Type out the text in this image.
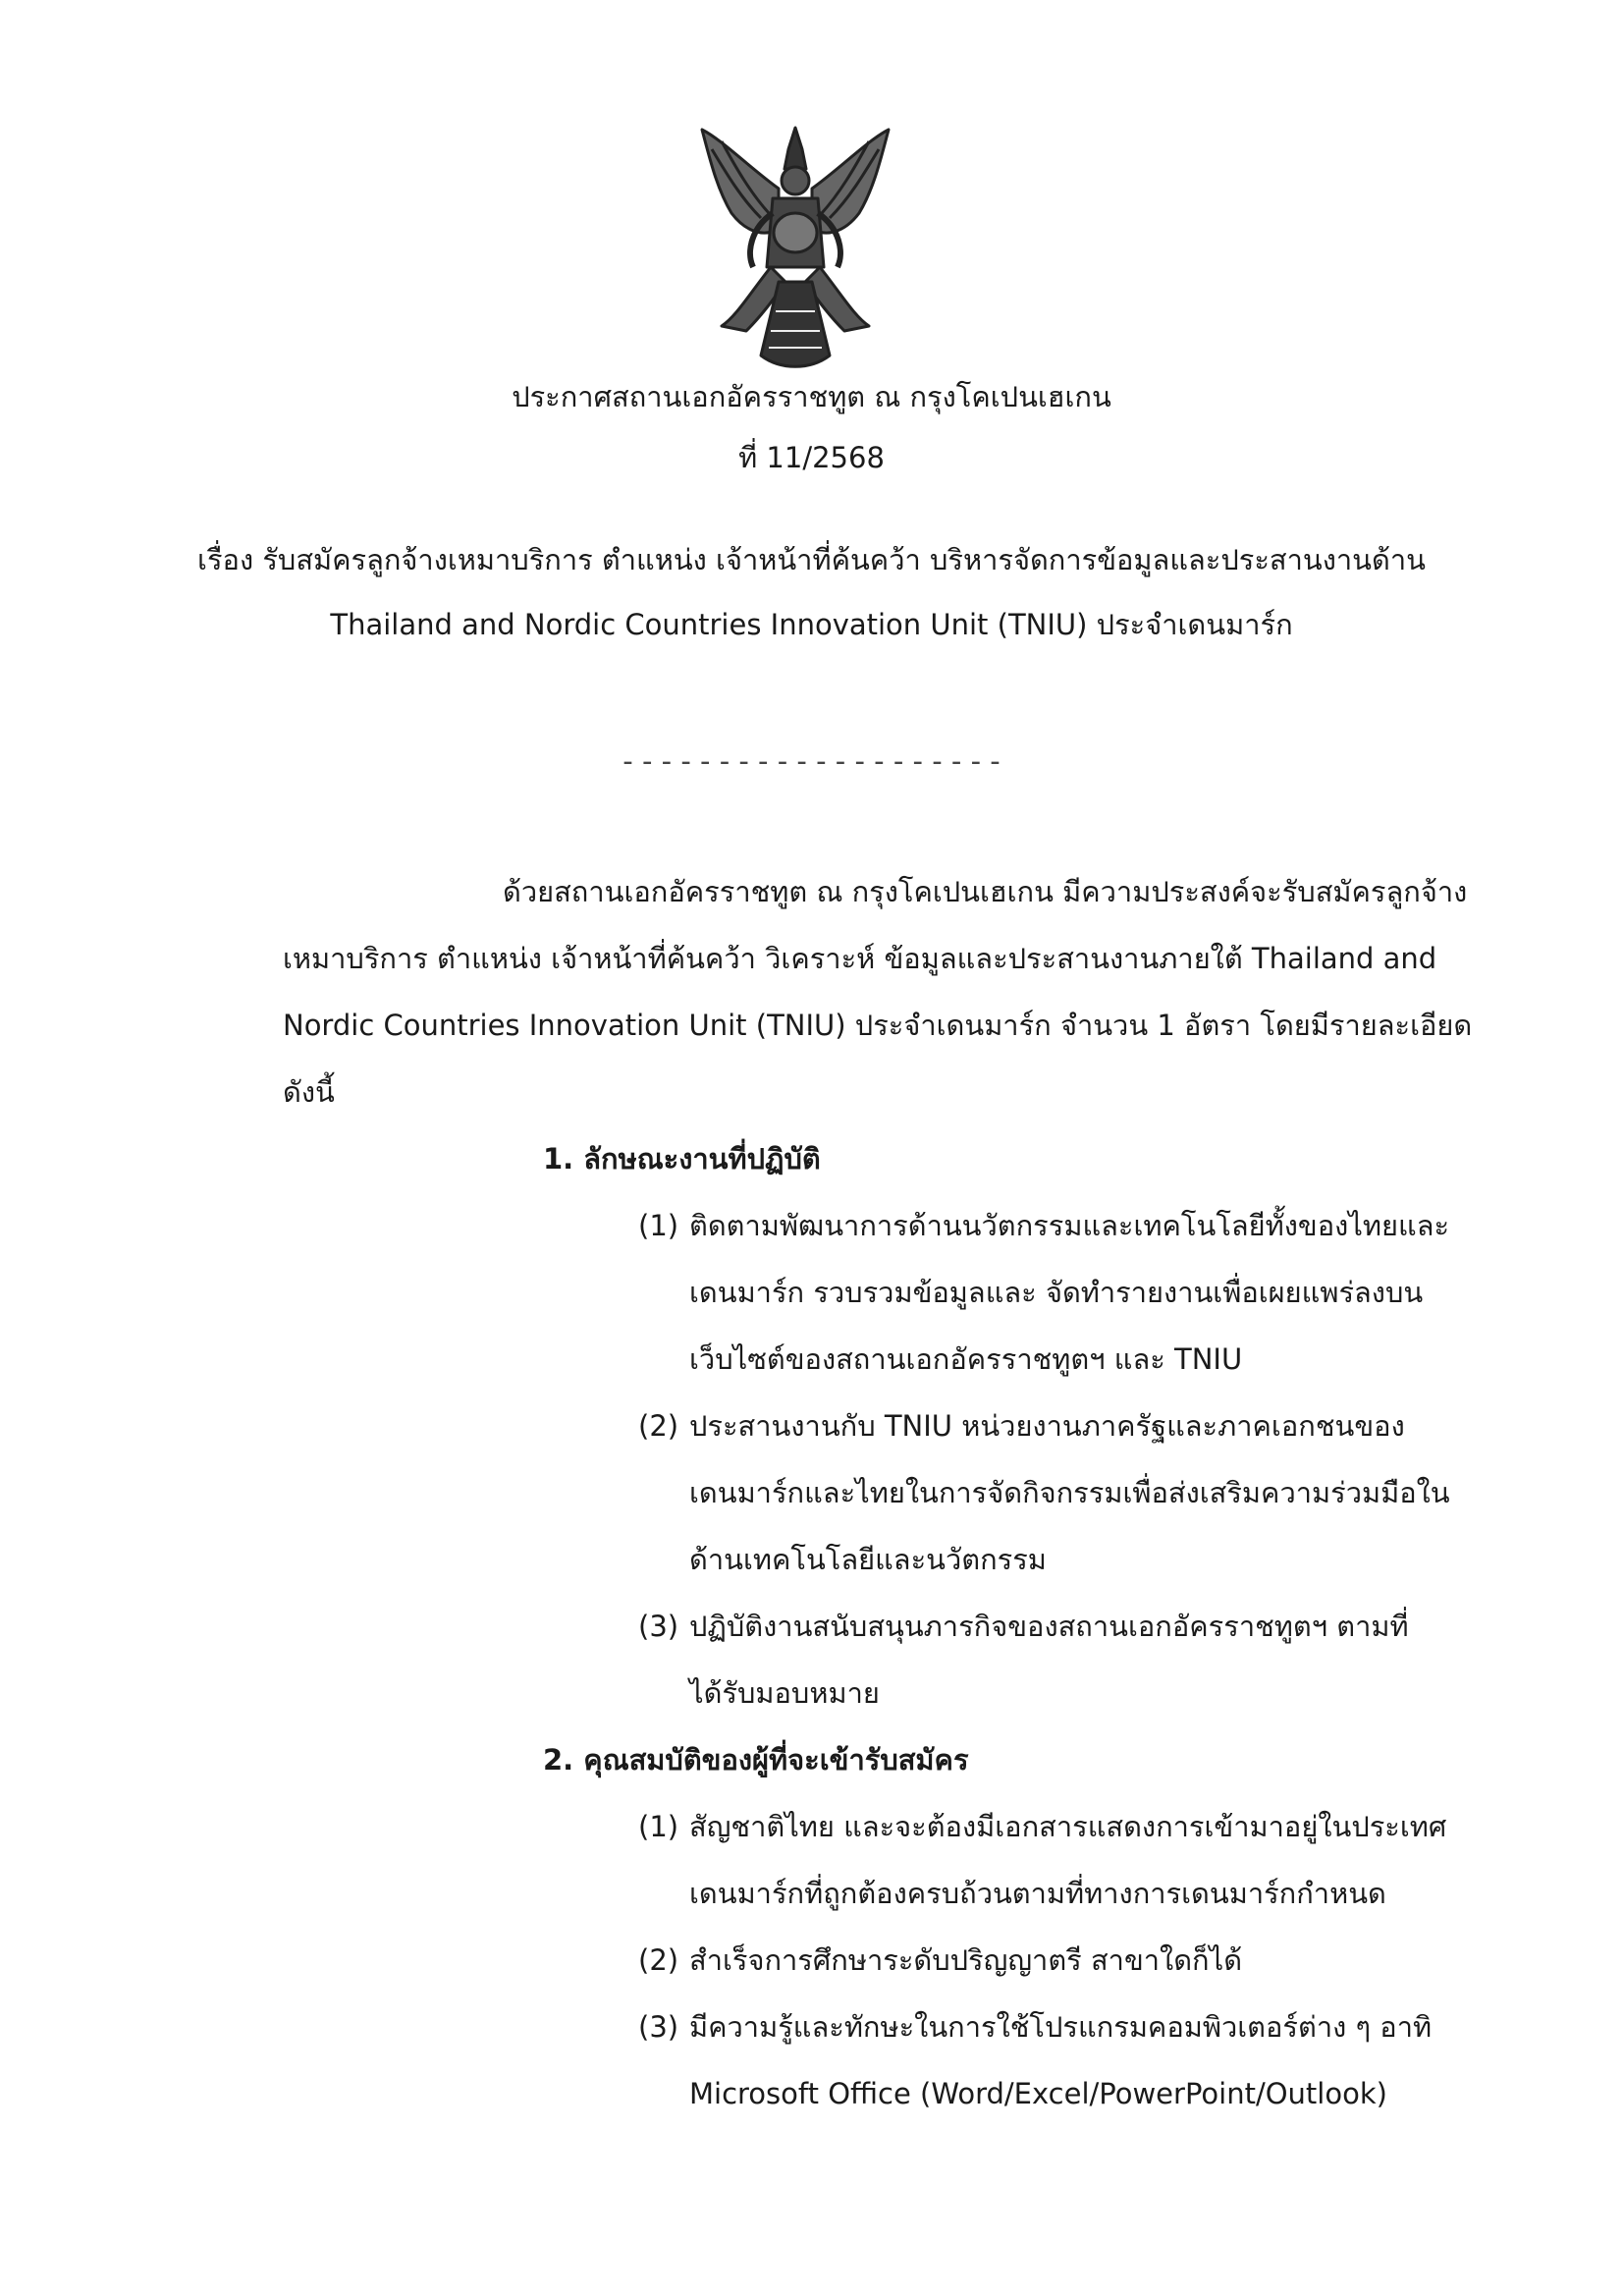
ประกาศสถานเอกอัครราชทูต ณ กรุงโคเปนเฮเกน
ที่ 11/2568
เรื่อง รับสมัครลูกจ้างเหมาบริการ ตำแหน่ง เจ้าหน้าที่ค้นคว้า บริหารจัดการข้อมูลและประสานงานด้าน
Thailand and Nordic Countries Innovation Unit (TNIU) ประจำเดนมาร์ก
- - - - - - - - - - - - - - - - - - - -
ด้วยสถานเอกอัครราชทูต ณ กรุงโคเปนเฮเกน มีความประสงค์จะรับสมัครลูกจ้าง
เหมาบริการ ตำแหน่ง เจ้าหน้าที่ค้นคว้า วิเคราะห์ ข้อมูลและประสานงานภายใต้ Thailand and
Nordic Countries Innovation Unit (TNIU) ประจำเดนมาร์ก จำนวน 1 อัตรา โดยมีรายละเอียด
ดังนี้
1. ลักษณะงานที่ปฏิบัติ
(1) ติดตามพัฒนาการด้านนวัตกรรมและเทคโนโลยีทั้งของไทยและ
เดนมาร์ก รวบรวมข้อมูลและ จัดทำรายงานเพื่อเผยแพร่ลงบน
เว็บไซต์ของสถานเอกอัครราชทูตฯ และ TNIU
(2) ประสานงานกับ TNIU หน่วยงานภาครัฐและภาคเอกชนของ
เดนมาร์กและไทยในการจัดกิจกรรมเพื่อส่งเสริมความร่วมมือใน
ด้านเทคโนโลยีและนวัตกรรม
(3) ปฏิบัติงานสนับสนุนภารกิจของสถานเอกอัครราชทูตฯ ตามที่
ได้รับมอบหมาย
2. คุณสมบัติของผู้ที่จะเข้ารับสมัคร
(1) สัญชาติไทย และจะต้องมีเอกสารแสดงการเข้ามาอยู่ในประเทศ
เดนมาร์กที่ถูกต้องครบถ้วนตามที่ทางการเดนมาร์กกำหนด
(2) สำเร็จการศึกษาระดับปริญญาตรี สาขาใดก็ได้
(3) มีความรู้และทักษะในการใช้โปรแกรมคอมพิวเตอร์ต่าง ๆ อาทิ
Microsoft Office (Word/Excel/PowerPoint/Outlook)
